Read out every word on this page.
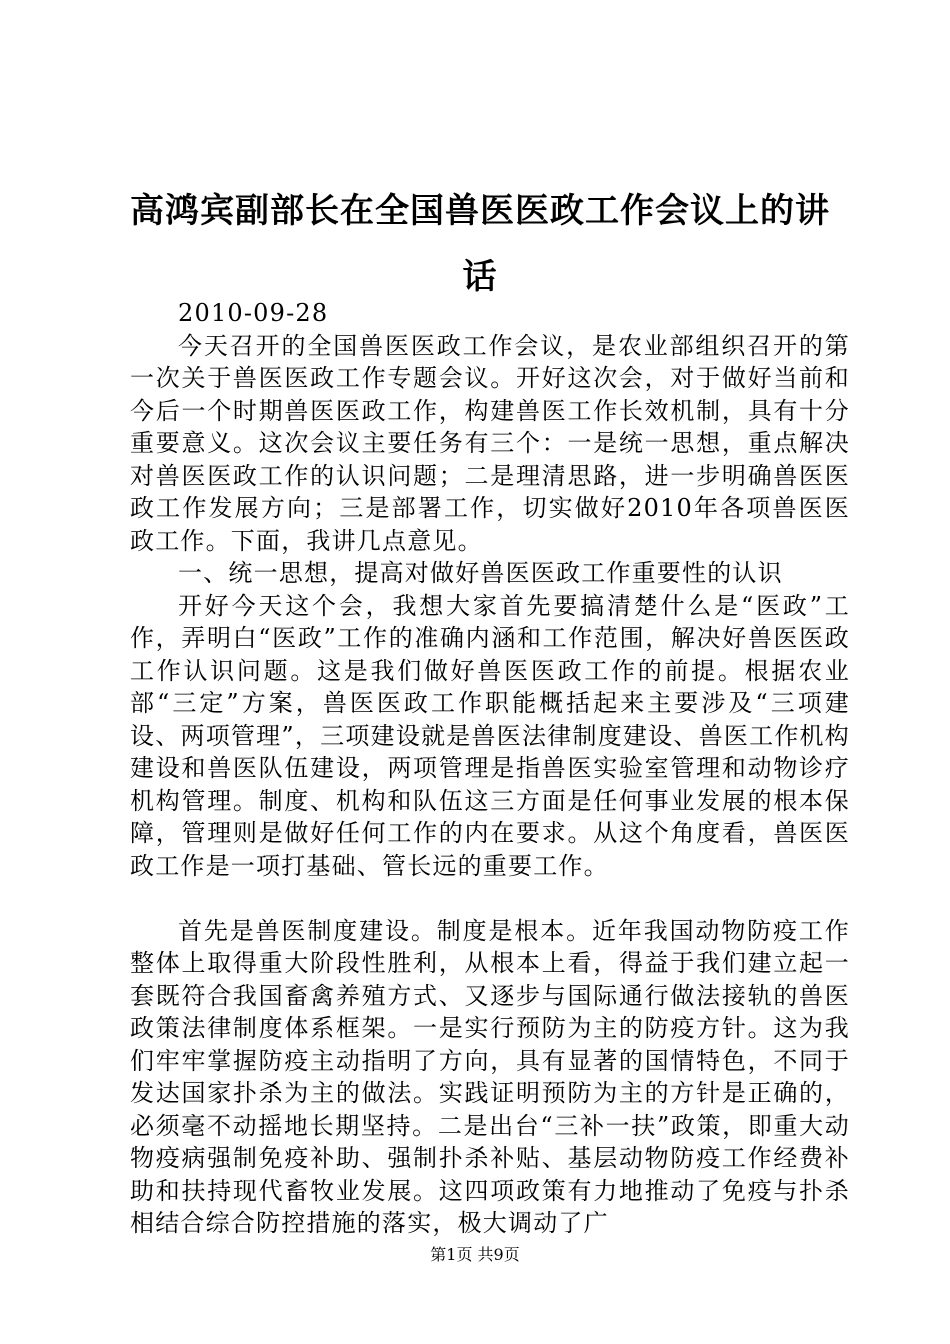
高鸿宾副部长在全国兽医医政工作会议上的讲话

2010-09-28

今天召开的全国兽医医政工作会议，是农业部组织召开的第一次关于兽医医政工作专题会议。开好这次会，对于做好当前和今后一个时期兽医医政工作，构建兽医工作长效机制，具有十分重要意义。这次会议主要任务有三个：一是统一思想，重点解决对兽医医政工作的认识问题；二是理清思路，进一步明确兽医医政工作发展方向；三是部署工作，切实做好2010年各项兽医医政工作。下面，我讲几点意见。

一、统一思想，提高对做好兽医医政工作重要性的认识

开好今天这个会，我想大家首先要搞清楚什么是“医政”工作，弄明白“医政”工作的准确内涵和工作范围，解决好兽医医政工作认识问题。这是我们做好兽医医政工作的前提。根据农业部“三定”方案，兽医医政工作职能概括起来主要涉及“三项建设、两项管理”，三项建设就是兽医法律制度建设、兽医工作机构建设和兽医队伍建设，两项管理是指兽医实验室管理和动物诊疗机构管理。制度、机构和队伍这三方面是任何事业发展的根本保障，管理则是做好任何工作的内在要求。从这个角度看，兽医医政工作是一项打基础、管长远的重要工作。

首先是兽医制度建设。制度是根本。近年我国动物防疫工作整体上取得重大阶段性胜利，从根本上看，得益于我们建立起一套既符合我国畜禽养殖方式、又逐步与国际通行做法接轨的兽医政策法律制度体系框架。一是实行预防为主的防疫方针。这为我们牢牢掌握防疫主动指明了方向，具有显著的国情特色，不同于发达国家扑杀为主的做法。实践证明预防为主的方针是正确的，必须毫不动摇地长期坚持。二是出台“三补一扶”政策，即重大动物疫病强制免疫补助、强制扑杀补贴、基层动物防疫工作经费补助和扶持现代畜牧业发展。这四项政策有力地推动了免疫与扑杀相结合综合防控措施的落实，极大调动了广

第1页 共9页
